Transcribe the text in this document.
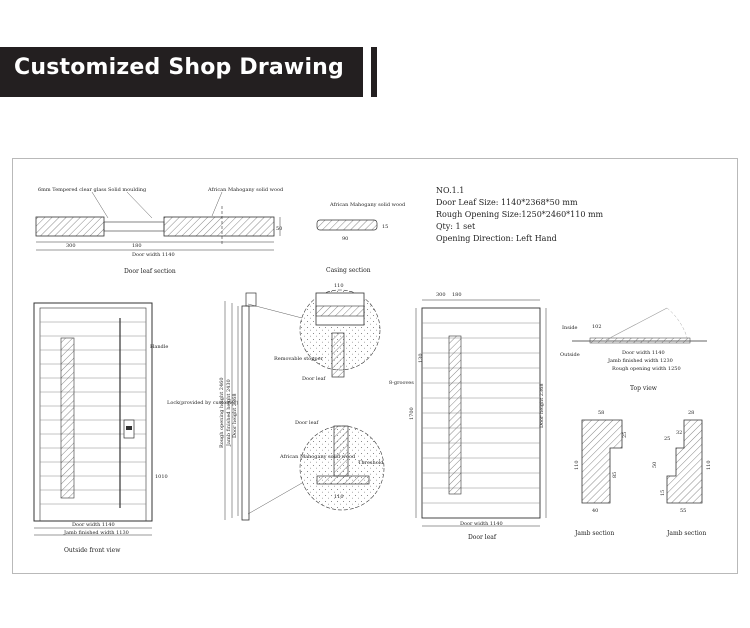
Customized Shop Drawing
6mm Tempered clear glass Solid moulding	African Mahogany solid wood
300	180
50
Door width 1140
Door leaf section
African Mahogany solid wood
90
15
NO.1.1
Door Leaf Size: 1140*2368*50 mm
Rough Opening Size:1250*2460*110 mm
Qty: 1 set
Opening Direction: Left Hand
Handle
Lock(provided by customer)
1010
Door width 1140
Jamb finished width 1130
Outside front view
Rough opening height 2460 Jamb finished height 2430 Door height 2368
Casing section
110
Removable stopper
Door leaf
Door leaf
African Mahogany solid wood
Threshold
110
300 180
130
1700
8-grooves
Door height 2368
Door width 1140
Door leaf
Inside
Outside
102
Door width 1140
Jamb finished width 1230
Rough opening width 1250
Top view
58
110
25
85
40
Jamb section
28
32
25
110
50
15
55
Jamb section
